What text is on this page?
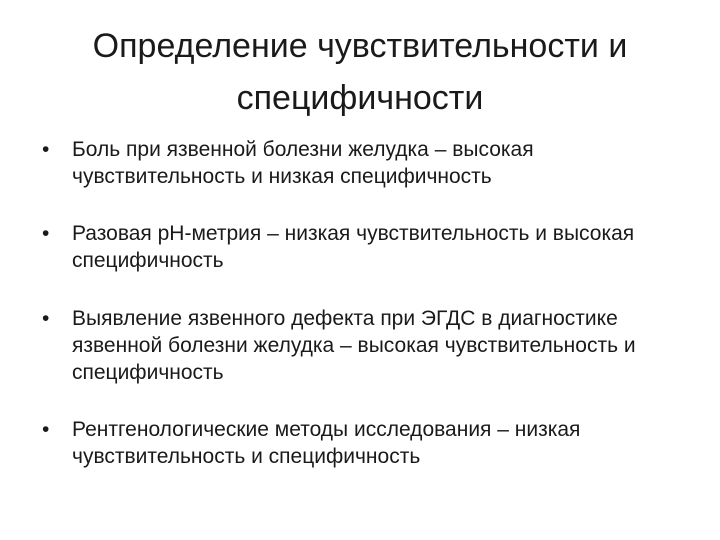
Определение чувствительности и специфичности
• Боль при язвенной болезни желудка – высокая чувствительность и низкая специфичность
• Разовая рН-метрия – низкая чувствительность и высокая специфичность
• Выявление язвенного дефекта при ЭГДС в диагностике язвенной болезни желудка – высокая чувствительность и специфичность
• Рентгенологические методы исследования – низкая чувствительность и специфичность
